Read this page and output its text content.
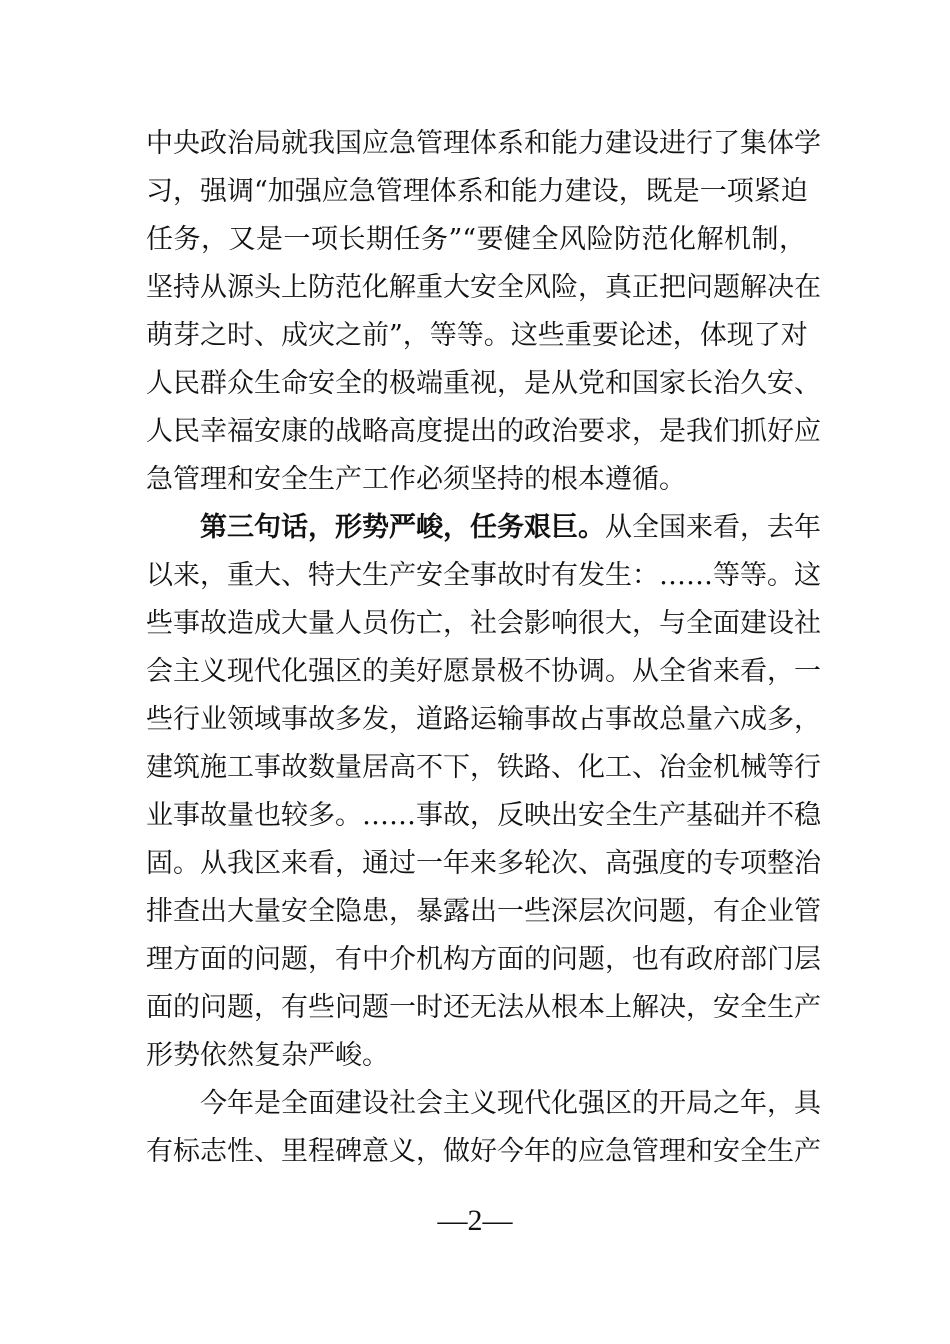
中央政治局就我国应急管理体系和能力建设进行了集体学
习，强调“加强应急管理体系和能力建设，既是一项紧迫
任务，又是一项长期任务”“要健全风险防范化解机制，
坚持从源头上防范化解重大安全风险，真正把问题解决在
萌芽之时、成灾之前”，等等。这些重要论述，体现了对
人民群众生命安全的极端重视，是从党和国家长治久安、
人民幸福安康的战略高度提出的政治要求，是我们抓好应
急管理和安全生产工作必须坚持的根本遵循。
第三句话，形势严峻，任务艰巨。从全国来看，去年
以来，重大、特大生产安全事故时有发生：……等等。这
些事故造成大量人员伤亡，社会影响很大，与全面建设社
会主义现代化强区的美好愿景极不协调。从全省来看，一
些行业领域事故多发，道路运输事故占事故总量六成多，
建筑施工事故数量居高不下，铁路、化工、冶金机械等行
业事故量也较多。……事故，反映出安全生产基础并不稳
固。从我区来看，通过一年来多轮次、高强度的专项整治
排查出大量安全隐患，暴露出一些深层次问题，有企业管
理方面的问题，有中介机构方面的问题，也有政府部门层
面的问题，有些问题一时还无法从根本上解决，安全生产
形势依然复杂严峻。
今年是全面建设社会主义现代化强区的开局之年，具
有标志性、里程碑意义，做好今年的应急管理和安全生产
—2—
